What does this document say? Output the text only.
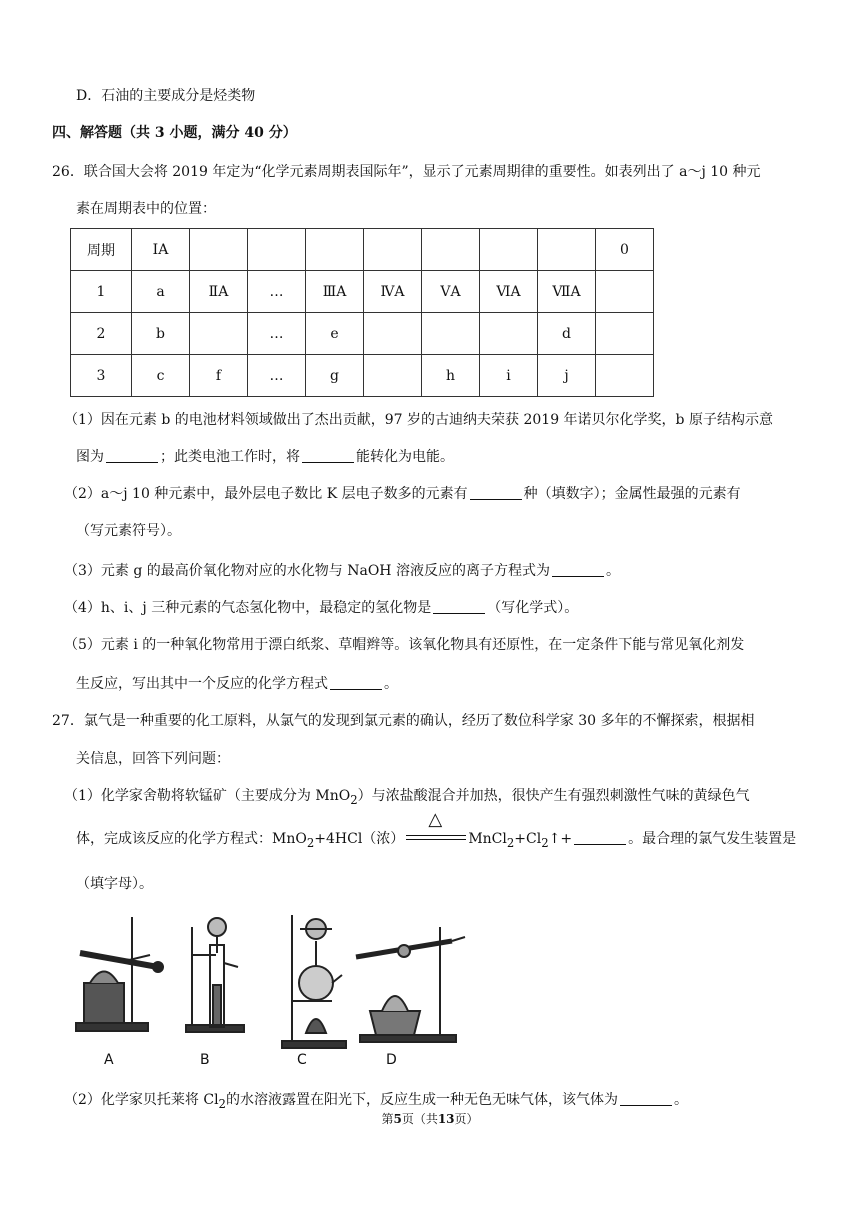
D．石油的主要成分是烃类物
四、解答题（共 3 小题，满分 40 分）
26．联合国大会将 2019 年定为“化学元素周期表国际年”，显示了元素周期律的重要性。如表列出了 a～j 10 种元
素在周期表中的位置：
周期	ⅠA								0
1	a	ⅡA	…	ⅢA	ⅣA	ⅤA	ⅥA	ⅦA	
2	b		…	e				d	
3	c	f	…	g		h	i	j	
（1）因在元素 b 的电池材料领域做出了杰出贡献，97 岁的古迪纳夫荣获 2019 年诺贝尔化学奖，b 原子结构示意
图为	；此类电池工作时，将	能转化为电能。
（2）a～j 10 种元素中，最外层电子数比 K 层电子数多的元素有	种（填数字）；金属性最强的元素有
（写元素符号）。
（3）元素 g 的最高价氧化物对应的水化物与 NaOH 溶液反应的离子方程式为	。
（4）h、i、j 三种元素的气态氢化物中，最稳定的氢化物是	（写化学式）。
（5）元素 i 的一种氧化物常用于漂白纸浆、草帽辫等。该氧化物具有还原性，在一定条件下能与常见氧化剂发
生反应，写出其中一个反应的化学方程式	。
27．氯气是一种重要的化工原料，从氯气的发现到氯元素的确认，经历了数位科学家 30 多年的不懈探索，根据相
关信息，回答下列问题：
（1）化学家舍勒将软锰矿（主要成分为 MnO$_2$）与浓盐酸混合并加热，很快产生有强烈刺激性气味的黄绿色气
体，完成该反应的化学方程式：MnO$_2$+4HCl（浓）
△
$MnCl_2+Cl_2↑+$	。最合理的氯气发生装置是
（填字母）。
A	B	C	D
（2）化学家贝托莱将 $Cl_2$的水溶液露置在阳光下，反应生成一种无色无味气体，该气体为	。
第5页（共13页）
